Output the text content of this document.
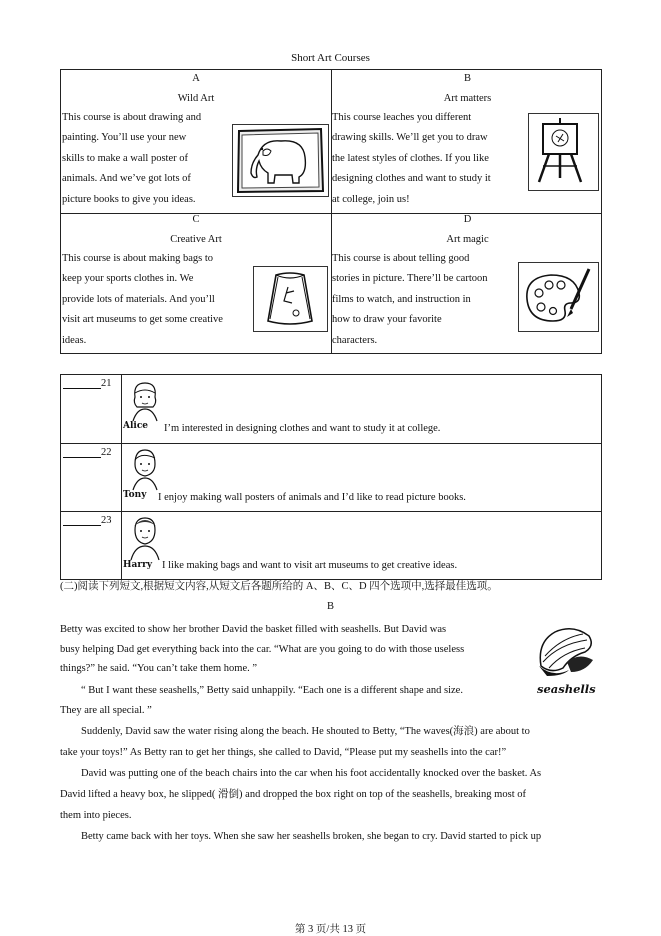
Short Art Courses
A
Wild Art
This course is about drawing and
painting. You’ll use your new
skills to make a wall poster of
animals. And we’ve got lots of
picture books to give you ideas.
B
Art matters
This course leaches you different
drawing skills. We’ll get you to draw
the latest styles of clothes. If you like
designing clothes and want to study it
at college, join us!
C
Creative Art
This course is about making bags to
keep your sports clothes in. We
provide lots of materials. And you’ll
visit art museums to get some creative
ideas.
D
Art magic
This course is about telling good
stories in picture. There’ll be cartoon
films to watch, and instruction in
how to draw your favorite
characters.
21
Alice I’m interested in designing clothes and want to study it at college.
22
Tony I enjoy making wall posters of animals and I’d like to read picture books.
23
Harry I like making bags and want to visit art museums to get creative ideas.
(二)阅读下列短文,根据短文内容,从短文后各题所给的 A、B、C、D 四个选项中,选择最佳选项。
B
seashells
Betty was excited to show her brother David the basket filled with seashells. But David was
busy helping Dad get everything back into the car. “What are you going to do with those useless
things?” he said. “You can’t take them home. ”
“ But I want these seashells,” Betty said unhappily. “Each one is a different shape and size.
They are all special. ”
Suddenly, David saw the water rising along the beach. He shouted to Betty, “The waves(海浪) are about to
take your toys!” As Betty ran to get her things, she called to David, “Please put my seashells into the car!”
David was putting one of the beach chairs into the car when his foot accidentally knocked over the basket. As
David lifted a heavy box, he slipped( 滑倒) and dropped the box right on top of the seashells, breaking most of
them into pieces.
Betty came back with her toys. When she saw her seashells broken, she began to cry. David started to pick up
第 3 页/共 13 页
